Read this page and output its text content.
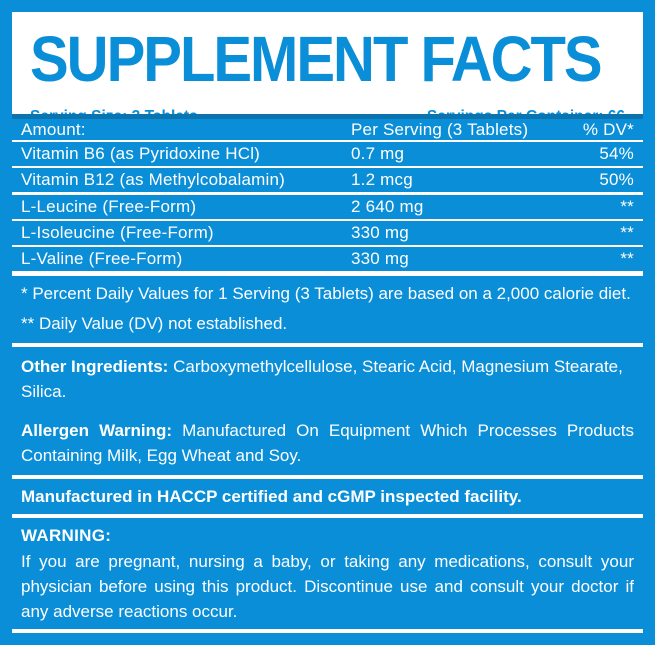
SUPPLEMENT FACTS
Amount:	Per Serving (3 Tablets)	% DV*
Vitamin B6 (as Pyridoxine HCl)	0.7 mg	54%
Vitamin B12 (as Methylcobalamin)	1.2 mcg	50%
L-Leucine (Free-Form)	2 640 mg	**
L-Isoleucine (Free-Form)	330 mg	**
L-Valine (Free-Form)	330 mg	**
* Percent Daily Values for 1 Serving (3 Tablets) are based on a 2,000 calorie diet.
** Daily Value (DV) not established.
Other Ingredients: Carboxymethylcellulose, Stearic Acid, Magnesium Stearate, Silica.
Allergen Warning: Manufactured On Equipment Which Processes Products Containing Milk, Egg Wheat and Soy.
Manufactured in HACCP certified and cGMP inspected facility.
WARNING:
If you are pregnant, nursing a baby, or taking any medications, consult your physician before using this product. Discontinue use and consult your doctor if any adverse reactions occur.
